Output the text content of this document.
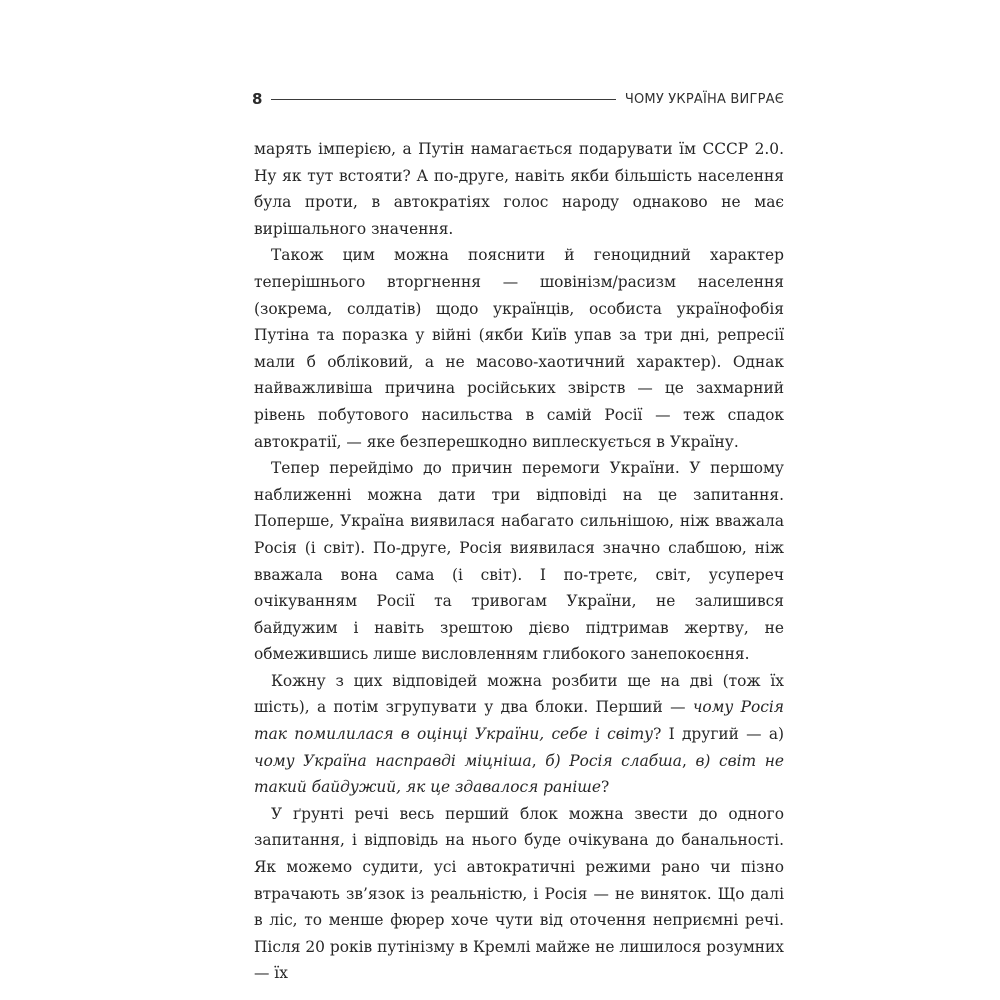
8	ЧОМУ УКРАЇНА ВИГРАЄ

марять імперією, а Путін намагається подарувати їм СССР 2.0. Ну як тут встояти? А по-друге, навіть якби більшість населення була проти, в автократіях голос народу однаково не має вирішального значення.

Також цим можна пояснити й геноцидний характер теперішнього вторгнення — шовінізм/расизм населення (зокрема, солдатів) щодо українців, особиста українофобія Путіна та поразка у війні (якби Київ упав за три дні, репресії мали б обліковий, а не масово-хаотичний характер). Однак найважливіша причина російських звірств — це захмарний рівень побутового насильства в самій Росії — теж спадок автократії, — яке безперешкодно виплескується в Україну.

Тепер перейдімо до причин перемоги України. У першому наближенні можна дати три відповіді на це запитання. Поперше, Україна виявилася набагато сильнішою, ніж вважала Росія (і світ). По-друге, Росія виявилася значно слабшою, ніж вважала вона сама (і світ). І по-третє, світ, усупереч очікуванням Росії та тривогам України, не залишився байдужим і навіть зрештою дієво підтримав жертву, не обмежившись лише висловленням глибокого занепокоєння.

Кожну з цих відповідей можна розбити ще на дві (тож їх шість), а потім згрупувати у два блоки. Перший — чому Росія так помилилася в оцінці України, себе і світу? І другий — а) чому Україна насправді міцніша, б) Росія слабша, в) світ не такий байдужий, як це здавалося раніше?

У ґрунті речі весь перший блок можна звести до одного запитання, і відповідь на нього буде очікувана до банальності. Як можемо судити, усі автократичні режими рано чи пізно втрачають зв’язок із реальністю, і Росія — не виняток. Що далі в ліс, то менше фюрер хоче чути від оточення неприємні речі. Після 20 років путінізму в Кремлі майже не лишилося розумних — їх
